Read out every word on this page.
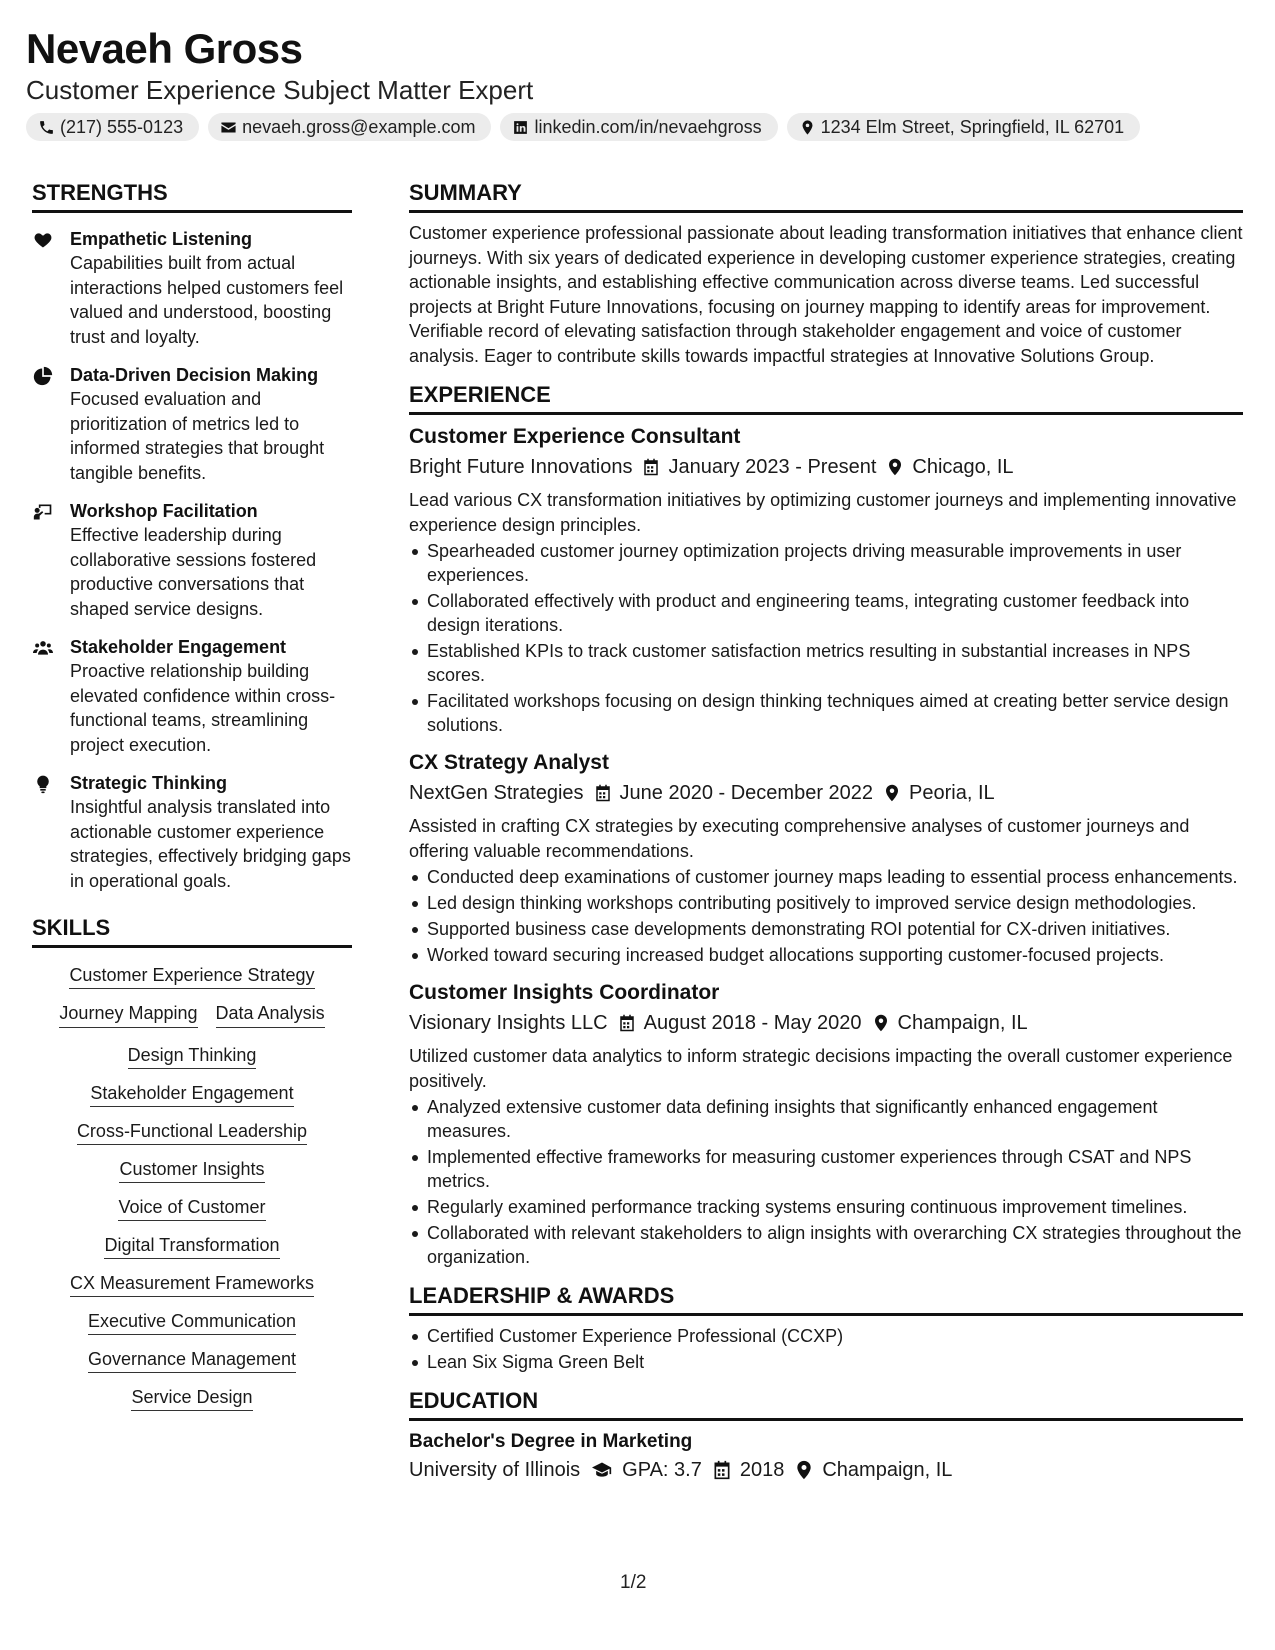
Nevaeh Gross
Customer Experience Subject Matter Expert
(217) 555-0123	nevaeh.gross@example.com	linkedin.com/in/nevaehgross	1234 Elm Street, Springfield, IL 62701
STRENGTHS
Empathetic Listening
Capabilities built from actual interactions helped customers feel valued and understood, boosting trust and loyalty.
Data-Driven Decision Making
Focused evaluation and prioritization of metrics led to informed strategies that brought tangible benefits.
Workshop Facilitation
Effective leadership during collaborative sessions fostered productive conversations that shaped service designs.
Stakeholder Engagement
Proactive relationship building elevated confidence within cross-functional teams, streamlining project execution.
Strategic Thinking
Insightful analysis translated into actionable customer experience strategies, effectively bridging gaps in operational goals.
SKILLS
Customer Experience Strategy
Journey Mapping Data Analysis
Design Thinking
Stakeholder Engagement
Cross-Functional Leadership
Customer Insights
Voice of Customer
Digital Transformation
CX Measurement Frameworks
Executive Communication
Governance Management
Service Design
SUMMARY
Customer experience professional passionate about leading transformation initiatives that enhance client journeys. With six years of dedicated experience in developing customer experience strategies, creating actionable insights, and establishing effective communication across diverse teams. Led successful projects at Bright Future Innovations, focusing on journey mapping to identify areas for improvement. Verifiable record of elevating satisfaction through stakeholder engagement and voice of customer analysis. Eager to contribute skills towards impactful strategies at Innovative Solutions Group.
EXPERIENCE
Customer Experience Consultant
Bright Future Innovations January 2023 - Present Chicago, IL
Lead various CX transformation initiatives by optimizing customer journeys and implementing innovative experience design principles.
Spearheaded customer journey optimization projects driving measurable improvements in user experiences.
Collaborated effectively with product and engineering teams, integrating customer feedback into design iterations.
Established KPIs to track customer satisfaction metrics resulting in substantial increases in NPS scores.
Facilitated workshops focusing on design thinking techniques aimed at creating better service design solutions.
CX Strategy Analyst
NextGen Strategies June 2020 - December 2022 Peoria, IL
Assisted in crafting CX strategies by executing comprehensive analyses of customer journeys and offering valuable recommendations.
Conducted deep examinations of customer journey maps leading to essential process enhancements.
Led design thinking workshops contributing positively to improved service design methodologies.
Supported business case developments demonstrating ROI potential for CX-driven initiatives.
Worked toward securing increased budget allocations supporting customer-focused projects.
Customer Insights Coordinator
Visionary Insights LLC August 2018 - May 2020 Champaign, IL
Utilized customer data analytics to inform strategic decisions impacting the overall customer experience positively.
Analyzed extensive customer data defining insights that significantly enhanced engagement measures.
Implemented effective frameworks for measuring customer experiences through CSAT and NPS metrics.
Regularly examined performance tracking systems ensuring continuous improvement timelines.
Collaborated with relevant stakeholders to align insights with overarching CX strategies throughout the organization.
LEADERSHIP & AWARDS
Certified Customer Experience Professional (CCXP)
Lean Six Sigma Green Belt
EDUCATION
Bachelor's Degree in Marketing
University of Illinois GPA: 3.7 2018 Champaign, IL
1/2
